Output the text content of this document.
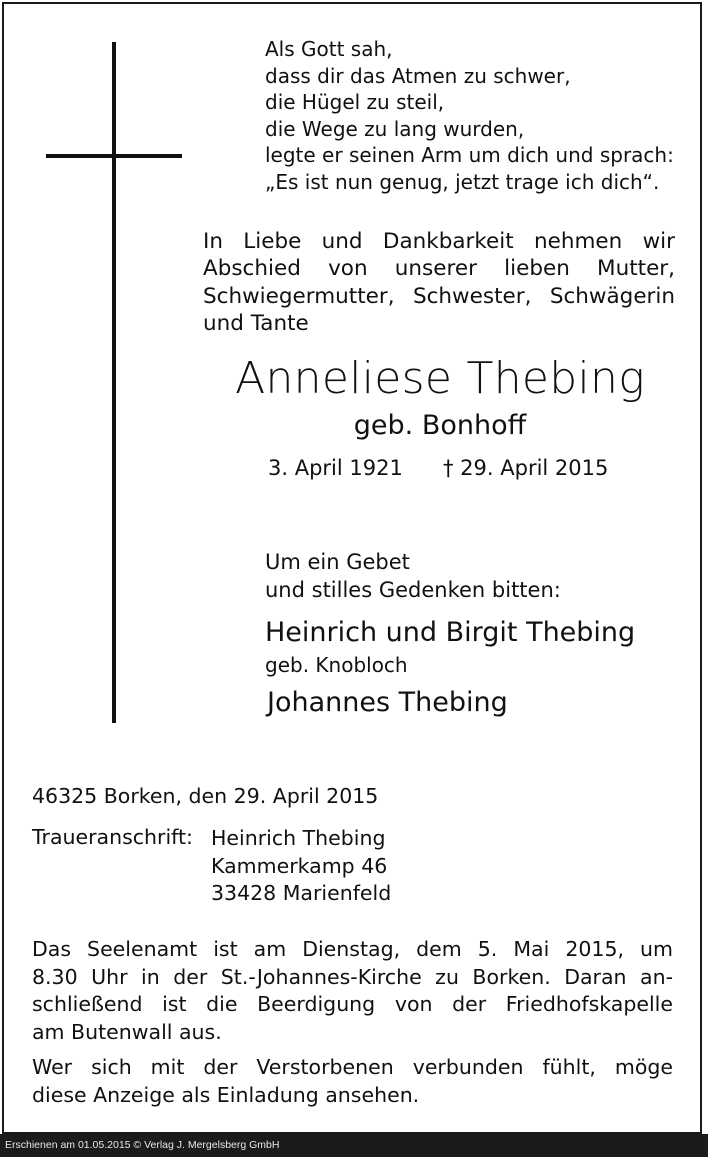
Als Gott sah,
dass dir das Atmen zu schwer,
die Hügel zu steil,
die Wege zu lang wurden,
legte er seinen Arm um dich und sprach:
„Es ist nun genug, jetzt trage ich dich“.
In Liebe und Dankbarkeit nehmen wir
Abschied von unserer lieben Mutter,
Schwiegermutter, Schwester, Schwägerin
und Tante
Anneliese Thebing
geb. Bonhoff
3. April 1921 † 29. April 2015
Um ein Gebet
und stilles Gedenken bitten:
Heinrich und Birgit Thebing
geb. Knobloch
Johannes Thebing
46325 Borken, den 29. April 2015
Traueranschrift: Heinrich Thebing
Kammerkamp 46
33428 Marienfeld
Das Seelenamt ist am Dienstag, dem 5. Mai 2015, um
8.30 Uhr in der St.-Johannes-Kirche zu Borken. Daran an-
schließend ist die Beerdigung von der Friedhofskapelle
am Butenwall aus.
Wer sich mit der Verstorbenen verbunden fühlt, möge
diese Anzeige als Einladung ansehen.
Erschienen am 01.05.2015 © Verlag J. Mergelsberg GmbH
